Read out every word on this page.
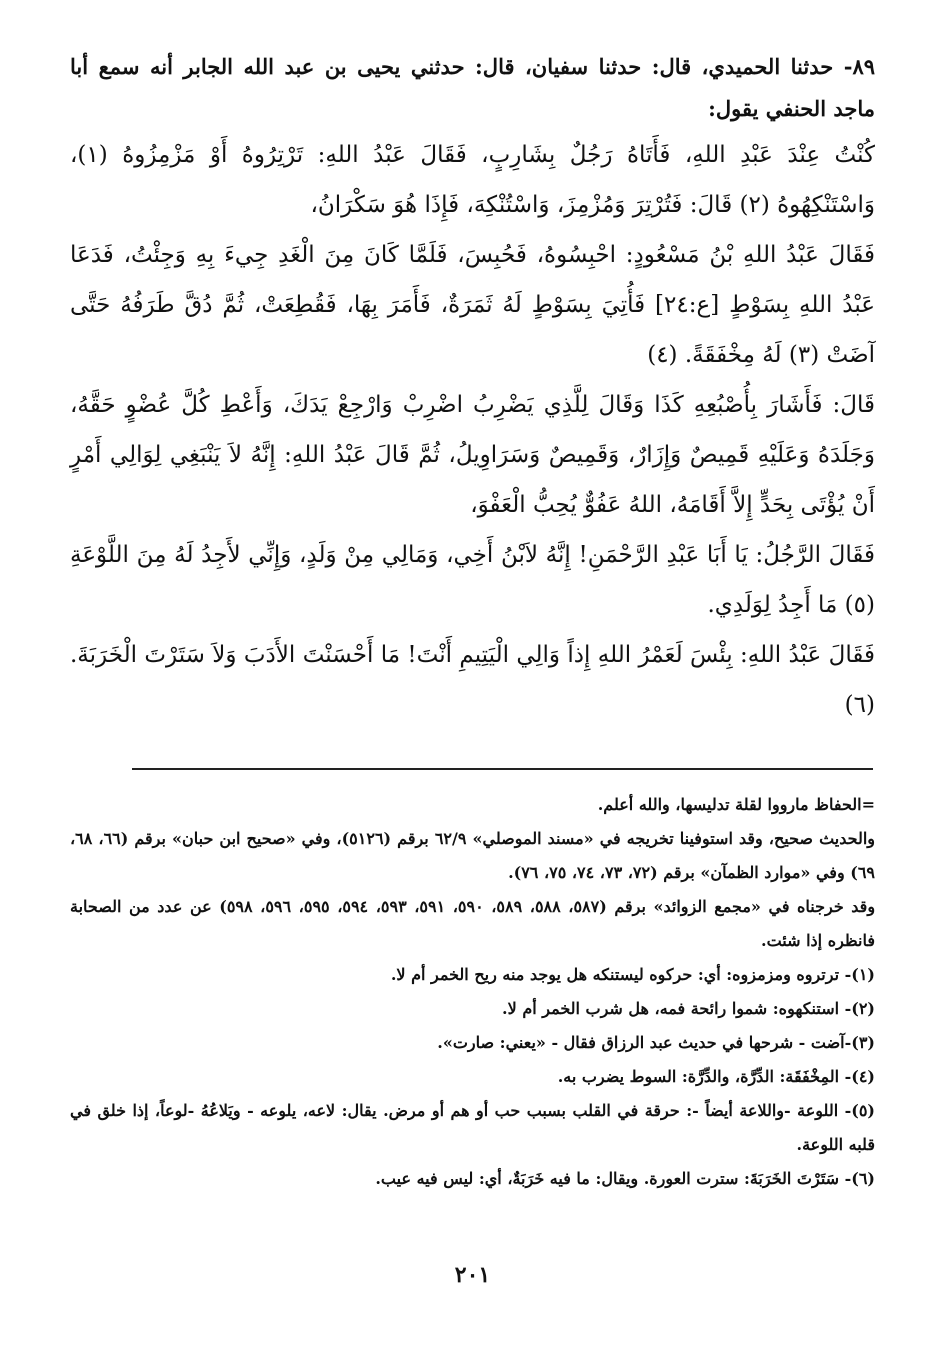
٨٩- حدثنا الحميدي، قال: حدثنا سفيان، قال: حدثني يحيى بن عبد الله الجابر أنه سمع أبا ماجد الحنفي يقول:

كُنْتُ عِنْدَ عَبْدِ اللهِ، فَأَتَاهُ رَجُلٌ بِشَارِبٍ، فَقَالَ عَبْدُ اللهِ: تَرْتِرُوهُ أَوْ مَزْمِزُوهُ (١)، وَاسْتَنْكِهُوهُ (٢) قَالَ: فَتُرْتِرَ وَمُزْمِزَ، وَاسْتُنْكِهَ، فَإِذَا هُوَ سَكْرَانُ،

فَقَالَ عَبْدُ اللهِ بْنُ مَسْعُودٍ: احْبِسُوهُ، فَحُبِسَ، فَلَمَّا كَانَ مِنَ الْغَدِ جِيءَ بِهِ وَجِئْتُ، فَدَعَا عَبْدُ اللهِ بِسَوْطٍ [ع:٢٤] فَأُتِيَ بِسَوْطٍ لَهُ ثَمَرَةٌ، فَأَمَرَ بِهَا، فَقُطِعَتْ، ثُمَّ دُقَّ طَرَفُهُ حَتَّى آضَتْ (٣) لَهُ مِخْفَقَةً. (٤)

قَالَ: فَأَشَارَ بِأُصْبُعِهِ كَذَا وَقَالَ لِلَّذِي يَضْرِبُ اضْرِبْ وَارْجِعْ يَدَكَ، وَأَعْطِ كُلَّ عُضْوٍ حَقَّهُ، وَجَلَدَهُ وَعَلَيْهِ قَمِيصٌ وَإِزَارٌ، وَقَمِيصٌ وَسَرَاوِيلُ، ثُمَّ قَالَ عَبْدُ اللهِ: إِنَّهُ لاَ يَنْبَغِي لِوَالِي أَمْرٍ أَنْ يُؤْتَى بِحَدٍّ إِلاَّ أَقَامَهُ، اللهُ عَفُوٌّ يُحِبُّ الْعَفْوَ،

فَقَالَ الرَّجُلُ: يَا أَبَا عَبْدِ الرَّحْمَنِ! إِنَّهُ لاَبْنُ أَخِي، وَمَالِي مِنْ وَلَدٍ، وَإِنِّي لأَجِدُ لَهُ مِنَ اللَّوْعَةِ (٥) مَا أَجِدُ لِوَلَدِي.

فَقَالَ عَبْدُ اللهِ: بِئْسَ لَعَمْرُ اللهِ إِذاً وَالِي الْيَتِيمِ أَنْتَ! مَا أَحْسَنْتَ الأَدَبَ وَلاَ سَتَرْتَ الْخَرَبَةَ. (٦)

=الحفاظ مارووا لقلة تدليسها، والله أعلم.

والحديث صحيح، وقد استوفينا تخريجه في «مسند الموصلي» ٦٢/٩ برقم (٥١٢٦)، وفي «صحيح ابن حبان» برقم (٦٦، ٦٨، ٦٩) وفي «موارد الظمآن» برقم (٧٢، ٧٣، ٧٤، ٧٥، ٧٦).

وقد خرجناه في «مجمع الزوائد» برقم (٥٨٧، ٥٨٨، ٥٨٩، ٥٩٠، ٥٩١، ٥٩٣، ٥٩٤، ٥٩٥، ٥٩٦، ٥٩٨) عن عدد من الصحابة فانظره إذا شئت.

(١)- ترتروه ومزمزوه: أي: حركوه ليستنكه هل يوجد منه ريح الخمر أم لا.

(٢)- استنكهوه: شموا رائحة فمه، هل شرب الخمر أم لا.

(٣)-آضت - شرحها في حديث عبد الرزاق فقال - «يعني: صارت».

(٤)- المِخْفَقَة: الدِّرَّة، والدِّرَّة: السوط يضرب به.

(٥)- اللوعة -واللاعة أيضاً -: حرقة في القلب بسبب حب أو هم أو مرض. يقال: لاعه، يلوعه - ويَلاعُهُ -لوعاً، إذا خلق في قلبه اللوعة.

(٦)- سَتَرْتَ الخَرَبَةَ: سترت العورة. ويقال: ما فيه خَرَبَةٌ، أي: ليس فيه عيب.

٢٠١
